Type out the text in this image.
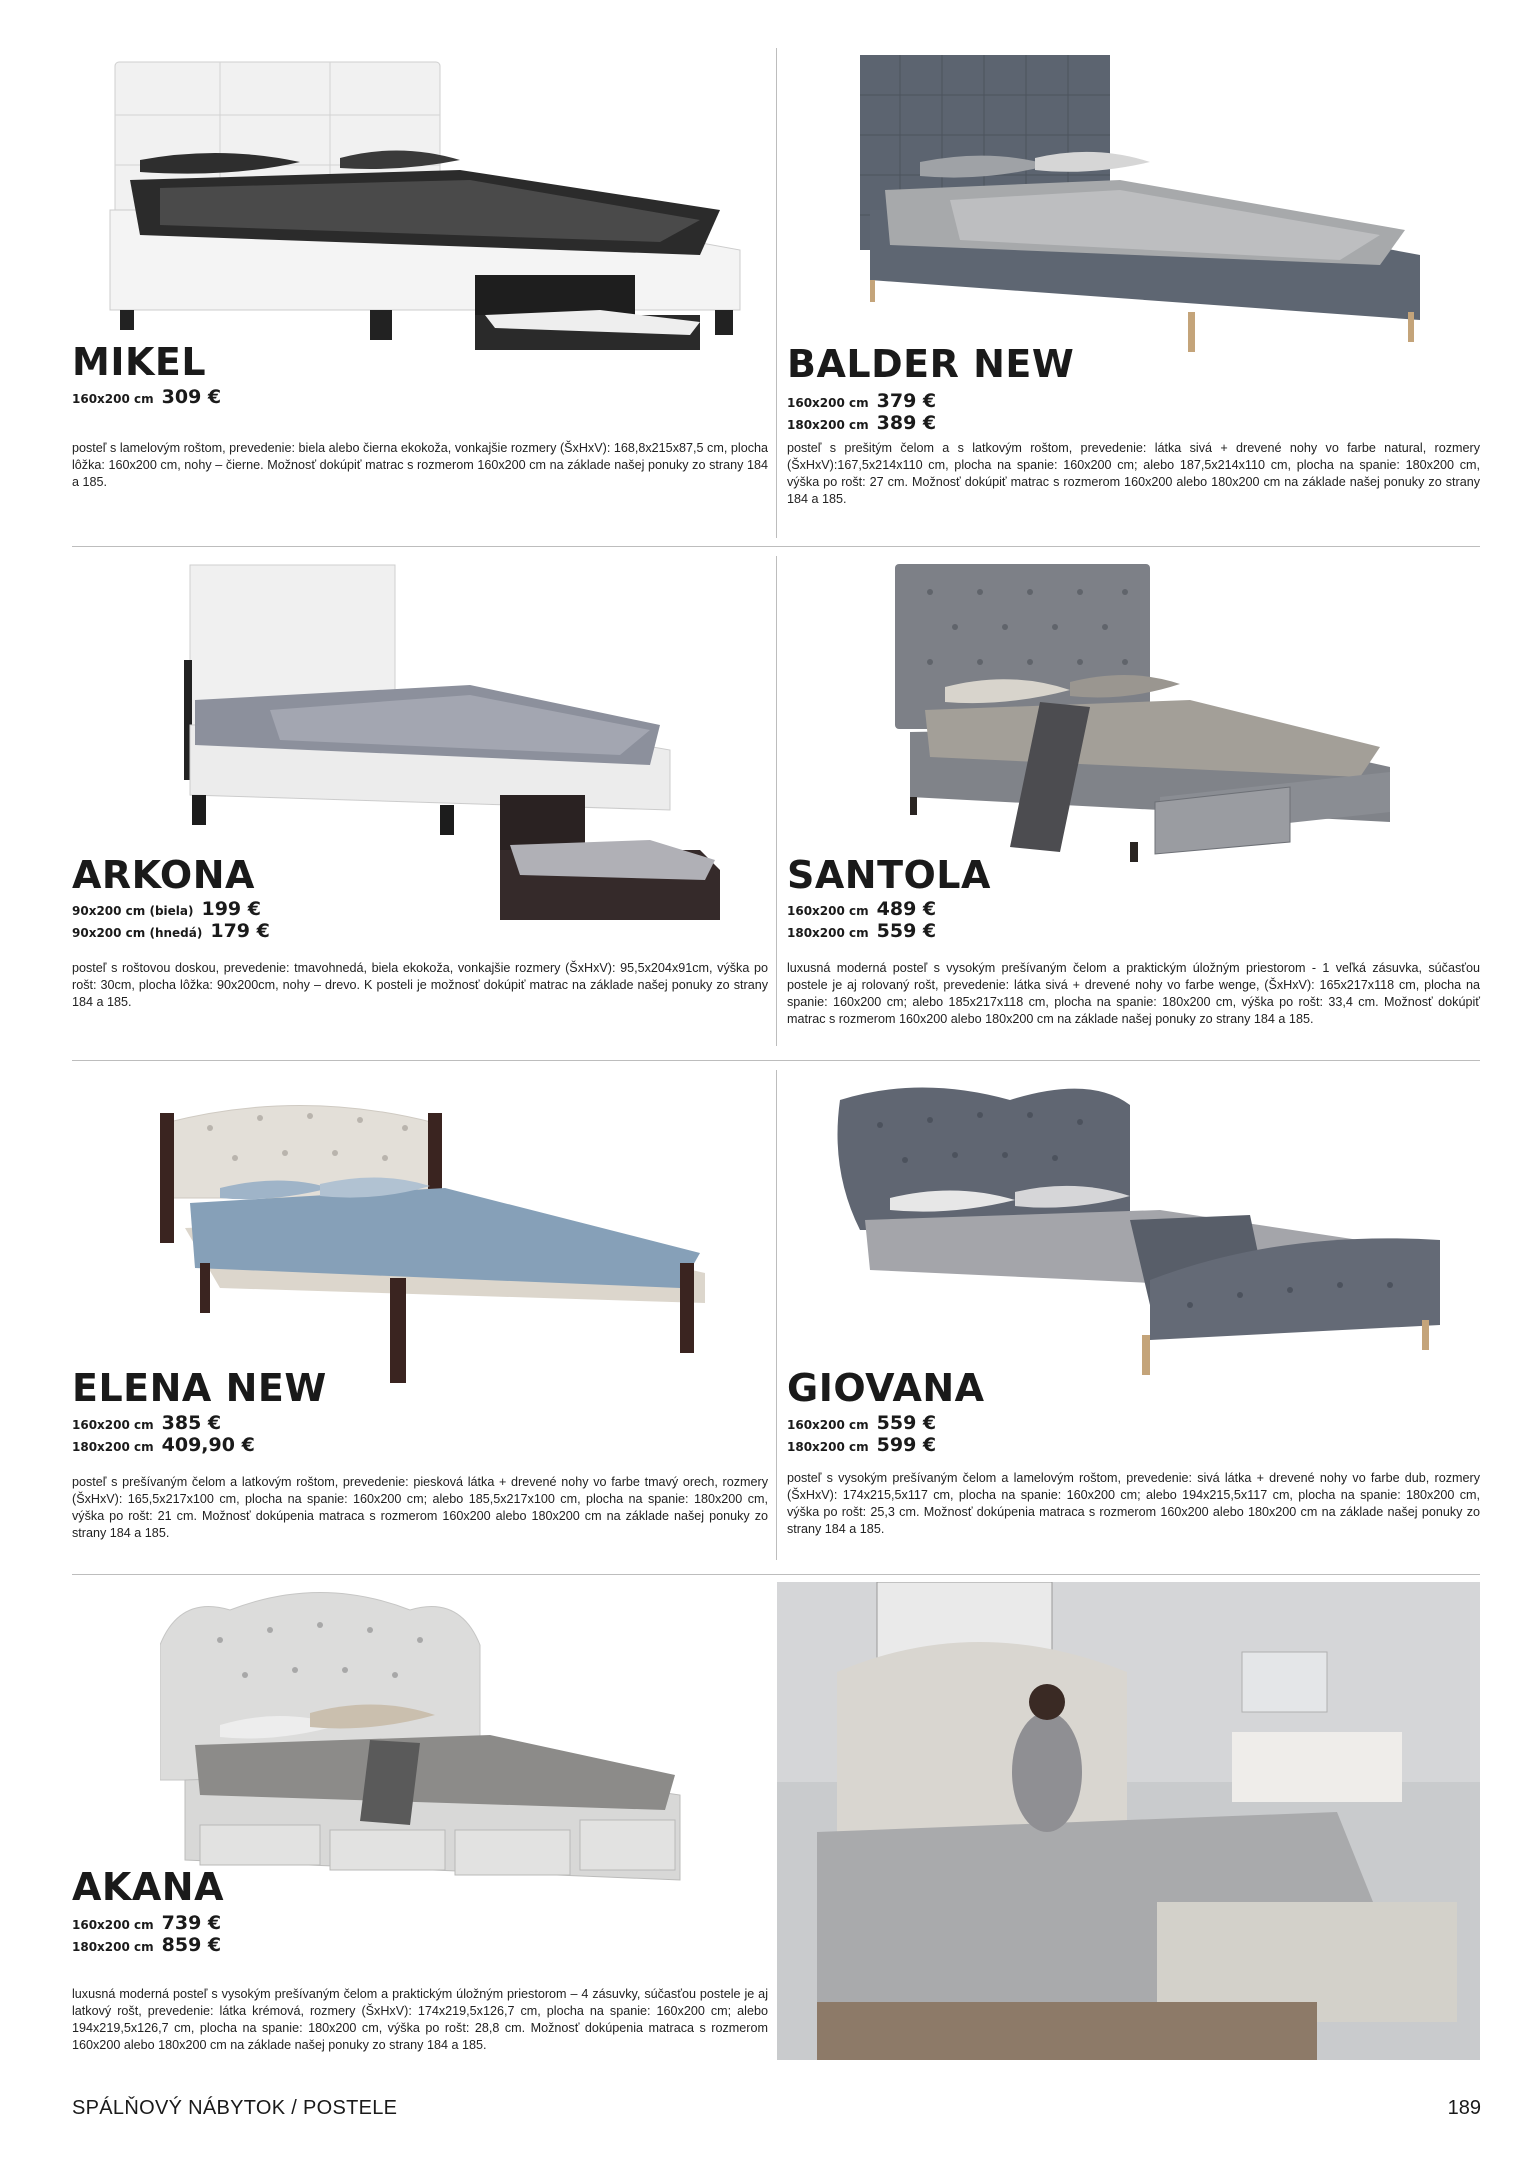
MIKEL
160x200 cm 309 €

posteľ s lamelovým roštom, prevedenie: biela alebo čierna ekokoža, vonkajšie rozmery (ŠxHxV): 168,8x215x87,5 cm, plocha lôžka: 160x200 cm, nohy – čierne. Možnosť dokúpiť matrac s rozmerom 160x200 cm na základe našej ponuky zo strany 184 a 185.

BALDER NEW
160x200 cm 379 €
180x200 cm 389 €

posteľ s prešitým čelom a s latkovým roštom, prevedenie: látka sivá + drevené nohy vo farbe natural, rozmery (ŠxHxV):167,5x214x110 cm, plocha na spanie: 160x200 cm; alebo 187,5x214x110 cm, plocha na spanie: 180x200 cm, výška po rošt: 27 cm. Možnosť dokúpiť matrac s rozmerom 160x200 alebo 180x200 cm na základe našej ponuky zo strany 184 a 185.

ARKONA
90x200 cm (biela) 199 €
90x200 cm (hnedá) 179 €

posteľ s roštovou doskou, prevedenie: tmavohnedá, biela ekokoža, vonkajšie rozmery (ŠxHxV): 95,5x204x91cm, výška po rošt: 30cm, plocha lôžka: 90x200cm, nohy – drevo. K posteli je možnosť dokúpiť matrac na základe našej ponuky zo strany 184 a 185.

SANTOLA
160x200 cm 489 €
180x200 cm 559 €

luxusná moderná posteľ s vysokým prešívaným čelom a praktickým úložným priestorom - 1 veľká zásuvka, súčasťou postele je aj rolovaný rošt, prevedenie: látka sivá + drevené nohy vo farbe wenge, (ŠxHxV): 165x217x118 cm, plocha na spanie: 160x200 cm; alebo 185x217x118 cm, plocha na spanie: 180x200 cm, výška po rošt: 33,4 cm. Možnosť dokúpiť matrac s rozmerom 160x200 alebo 180x200 cm na základe našej ponuky zo strany 184 a 185.

ELENA NEW
160x200 cm 385 €
180x200 cm 409,90 €

posteľ s prešívaným čelom a latkovým roštom, prevedenie: piesková látka + drevené nohy vo farbe tmavý orech, rozmery (ŠxHxV): 165,5x217x100 cm, plocha na spanie: 160x200 cm; alebo 185,5x217x100 cm, plocha na spanie: 180x200 cm, výška po rošt: 21 cm. Možnosť dokúpenia matraca s rozmerom 160x200 alebo 180x200 cm na základe našej ponuky zo strany 184 a 185.

GIOVANA
160x200 cm 559 €
180x200 cm 599 €

posteľ s vysokým prešívaným čelom a lamelovým roštom, prevedenie: sivá látka + drevené nohy vo farbe dub, rozmery (ŠxHxV): 174x215,5x117 cm, plocha na spanie: 160x200 cm; alebo 194x215,5x117 cm, plocha na spanie: 180x200 cm, výška po rošt: 25,3 cm. Možnosť dokúpenia matraca s rozmerom 160x200 alebo 180x200 cm na základe našej ponuky zo strany 184 a 185.

AKANA
160x200 cm 739 €
180x200 cm 859 €

luxusná moderná posteľ s vysokým prešívaným čelom a praktickým úložným priestorom – 4 zásuvky, súčasťou postele je aj latkový rošt, prevedenie: látka krémová, rozmery (ŠxHxV): 174x219,5x126,7 cm, plocha na spanie: 160x200 cm; alebo 194x219,5x126,7 cm, plocha na spanie: 180x200 cm, výška po rošt: 28,8 cm. Možnosť dokúpenia matraca s rozmerom 160x200 alebo 180x200 cm na základe našej ponuky zo strany 184 a 185.

SPÁLŇOVÝ NÁBYTOK / POSTELE	189
